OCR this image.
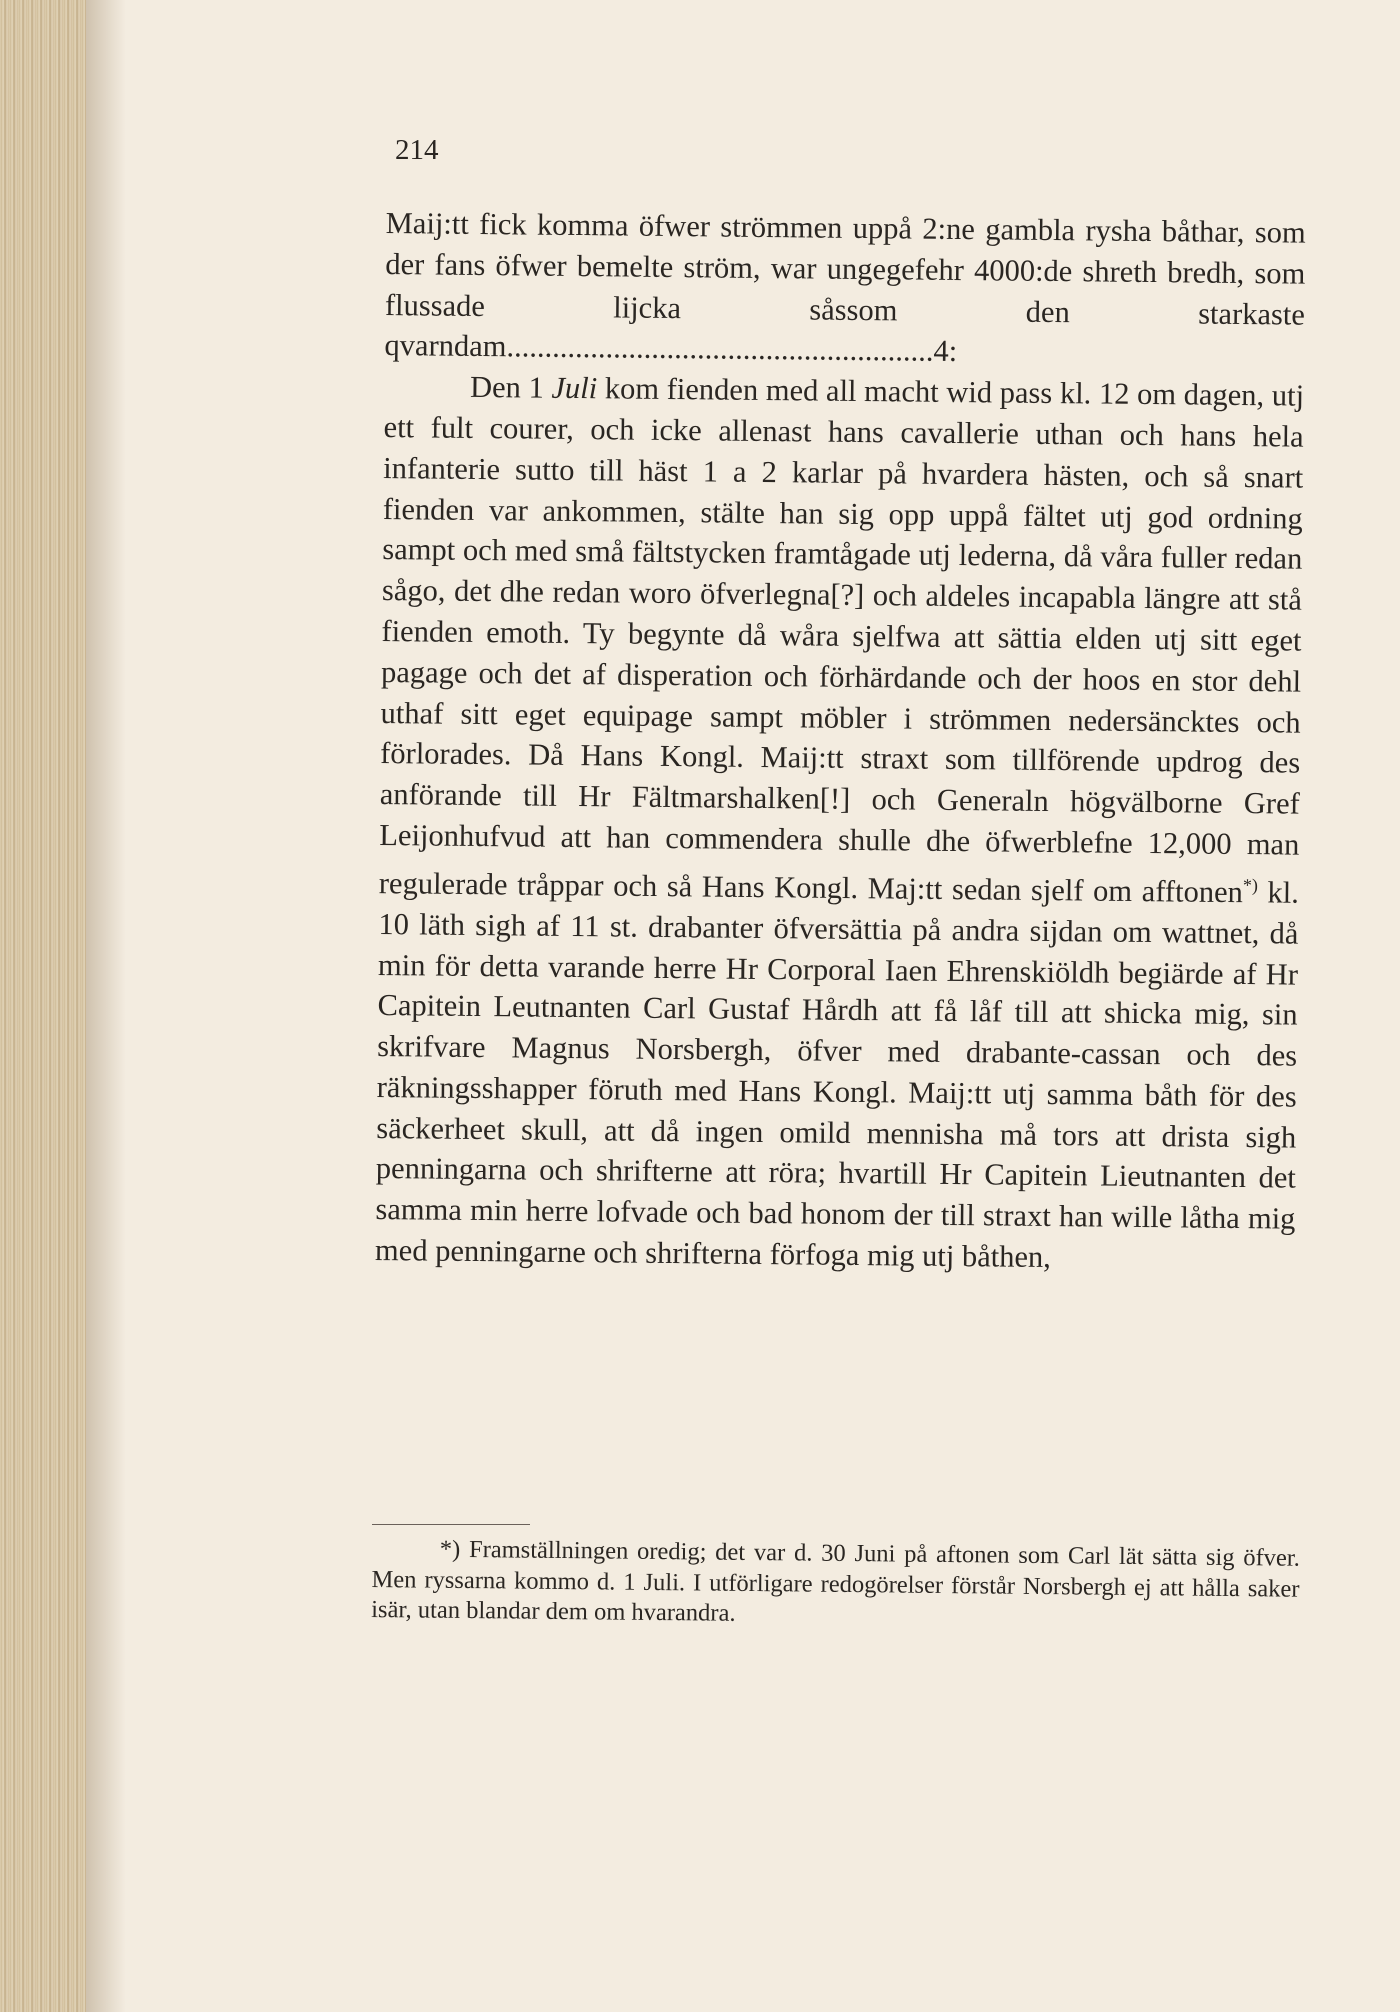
214

Maij:tt fick komma öfwer strömmen uppå 2:ne gambla rysha båthar, som der fans öfwer bemelte ström, war ungegefehr 4000:de shreth bredh, som flussade lijcka såssom den starkaste qvarndam........................................................4:

Den 1 Juli kom fienden med all macht wid pass kl. 12 om dagen, utj ett fult courer, och icke allenast hans cavallerie uthan och hans hela infanterie sutto till häst 1 a 2 karlar på hvardera hästen, och så snart fienden var ankommen, stälte han sig opp uppå fältet utj god ordning sampt och med små fältstycken framtågade utj lederna, då våra fuller redan sågo, det dhe redan woro öfverlegna[?] och aldeles incapabla längre att stå fienden emoth. Ty begynte då wåra sjelfwa att sättia elden utj sitt eget pagage och det af disperation och förhärdande och der hoos en stor dehl uthaf sitt eget equipage sampt möbler i strömmen nedersäncktes och förlorades. Då Hans Kongl. Maij:tt straxt som tillförende updrog des anförande till Hr Fältmarshalken[!] och Generaln högvälborne Gref Leijonhufvud att han commendera shulle dhe öfwerblefne 12,000 man regulerade tråppar och så Hans Kongl. Maj:tt sedan sjelf om afftonen*) kl. 10 läth sigh af 11 st. drabanter öfversättia på andra sijdan om wattnet, då min för detta varande herre Hr Corporal Iaen Ehrenskiöldh begiärde af Hr Capitein Leutnanten Carl Gustaf Hårdh att få låf till att shicka mig, sin skrifvare Magnus Norsbergh, öfver med drabante-cassan och des räkningsshapper föruth med Hans Kongl. Maij:tt utj samma båth för des säckerheet skull, att då ingen omild mennisha må tors att drista sigh penningarna och shrifterne att röra; hvartill Hr Capitein Lieutnanten det samma min herre lofvade och bad honom der till straxt han wille låtha mig med penningarne och shrifterna förfoga mig utj båthen,

*) Framställningen oredig; det var d. 30 Juni på aftonen som Carl lät sätta sig öfver. Men ryssarna kommo d. 1 Juli. I utförligare redogörelser förstår Norsbergh ej att hålla saker isär, utan blandar dem om hvarandra.
